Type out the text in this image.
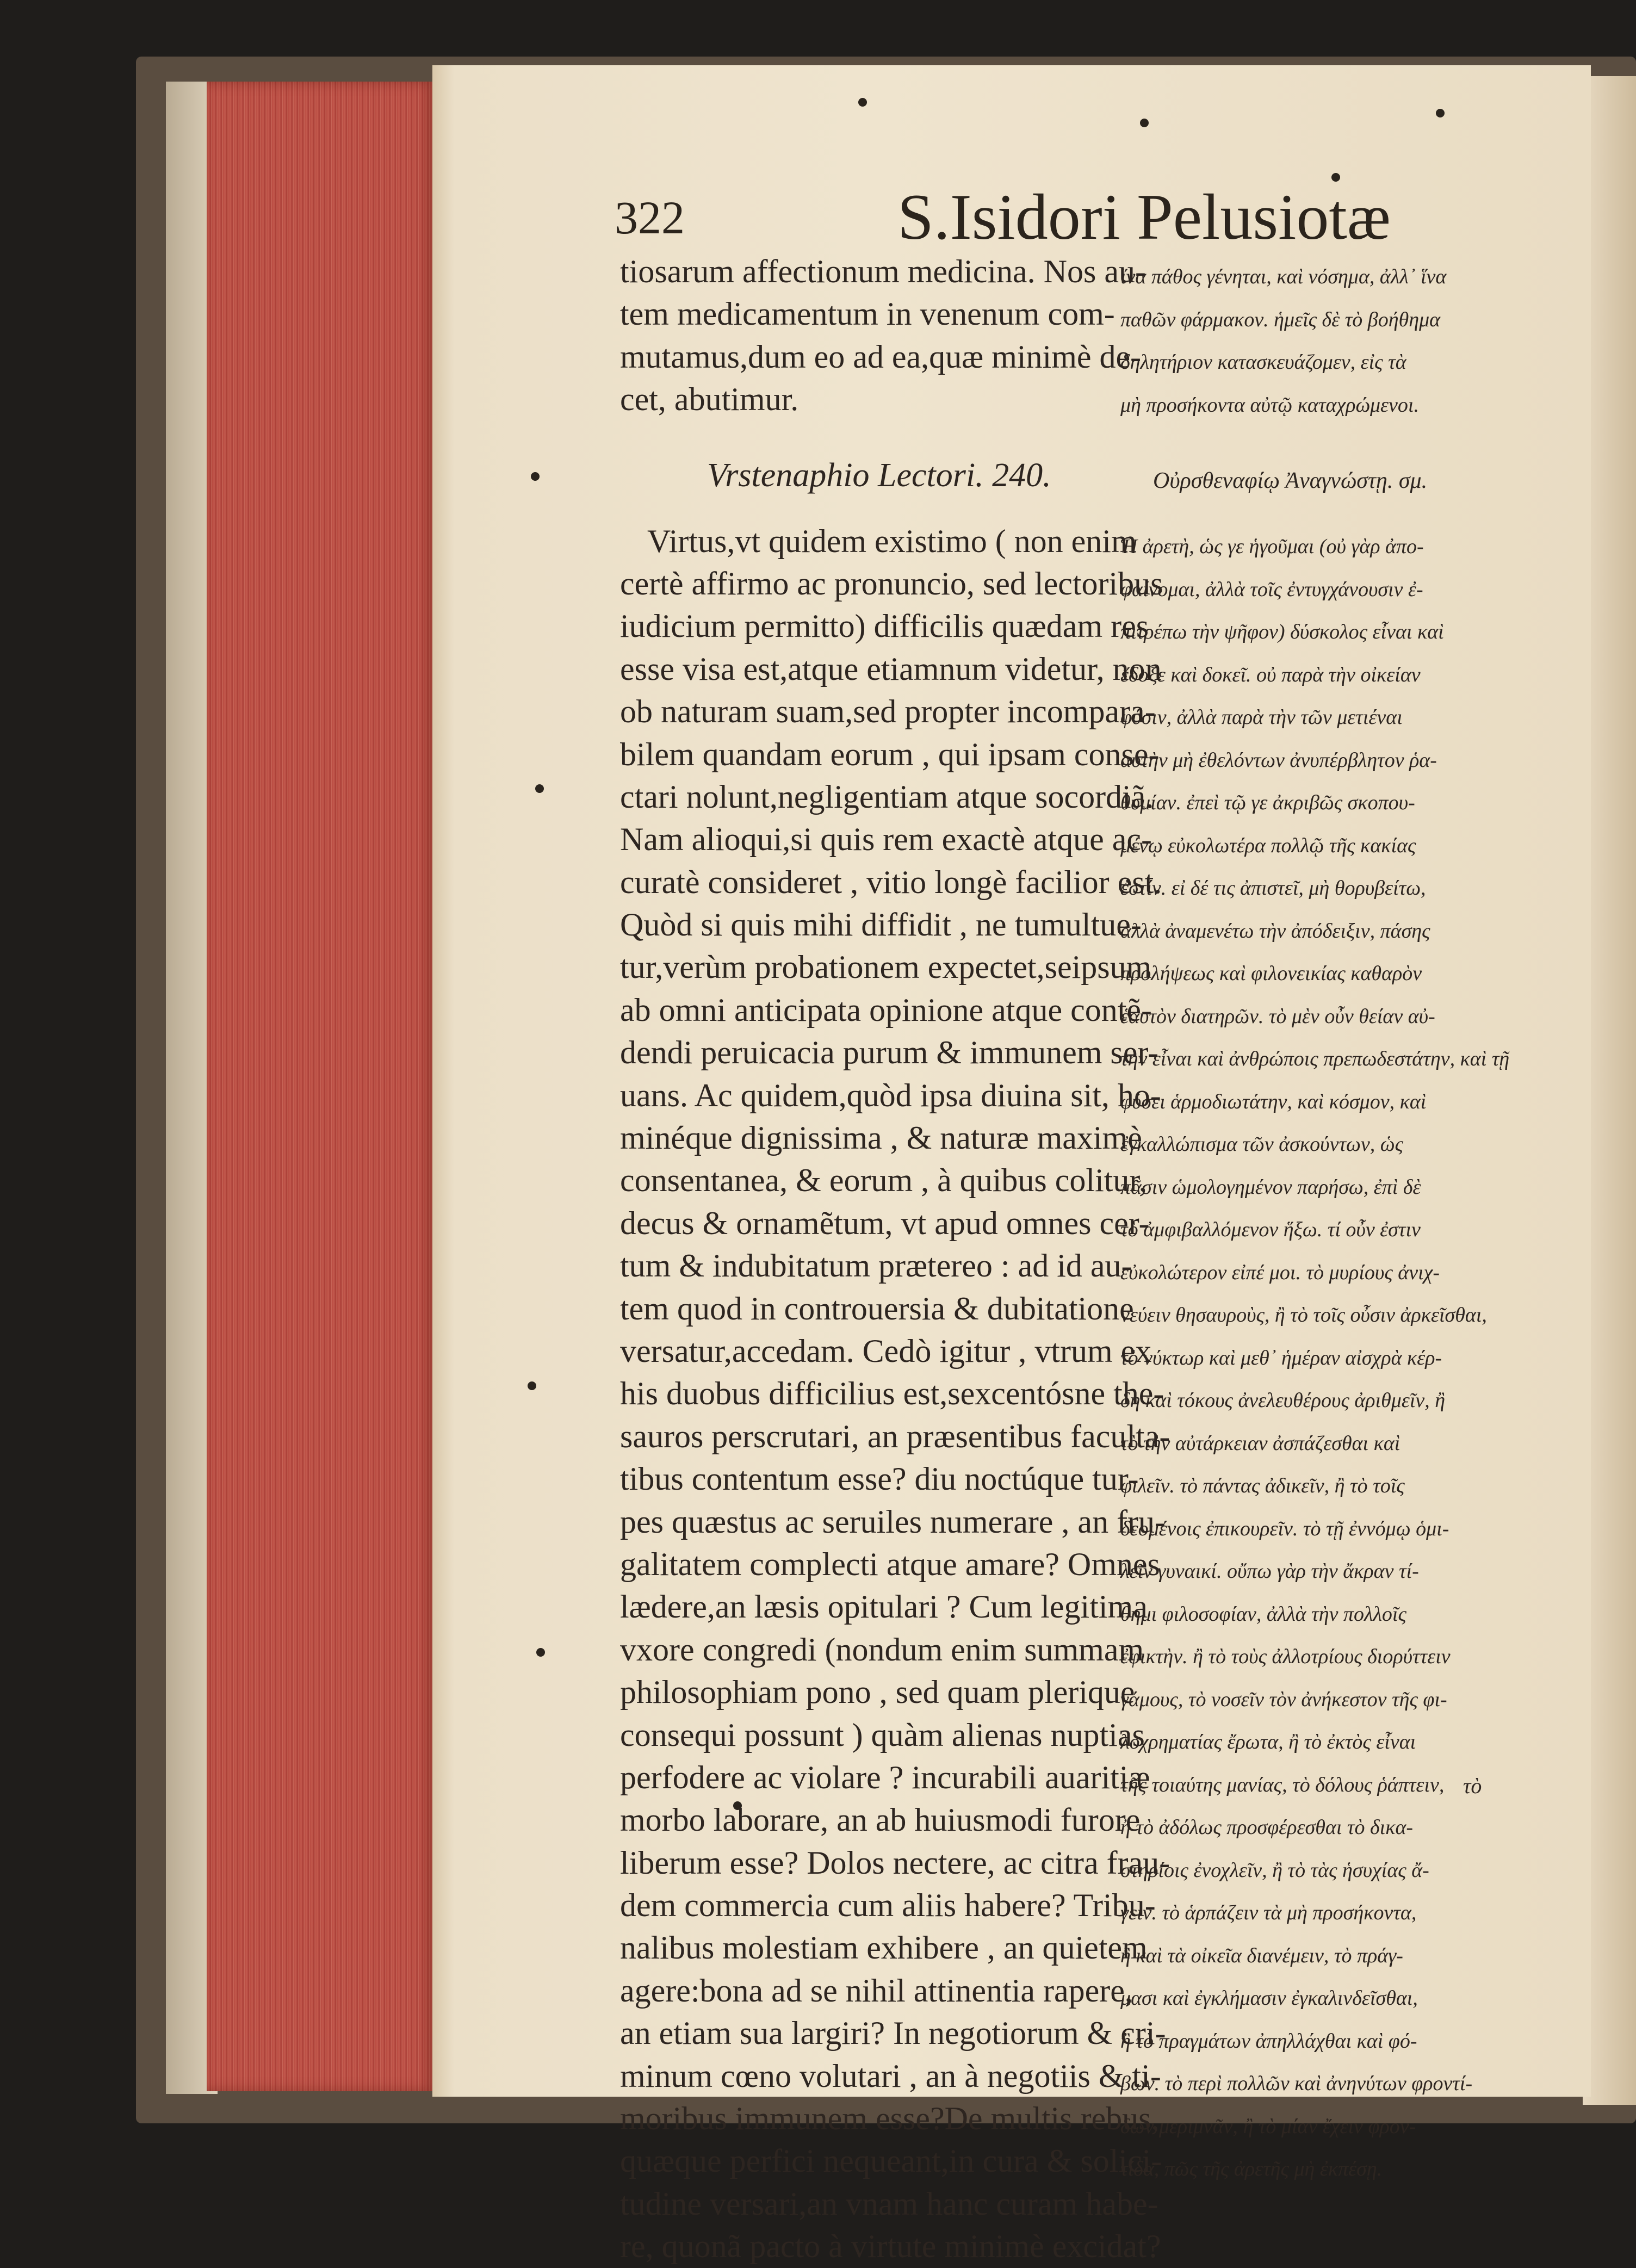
322	S.Isidori Pelusiotæ
tiosarum affectionum medicina. Nos au-
tem medicamentum in venenum com-
mutamus,dum eo ad ea,quæ minimè de-
cet, abutimur.
Vrstenaphio Lectori. 240.
Virtus,vt quidem existimo ( non enim
certè affirmo ac pronuncio, sed lectoribus
iudicium permitto) difficilis quædam res
esse visa est,atque etiamnum videtur, non
ob naturam suam,sed propter incompara-
bilem quandam eorum , qui ipsam conse-
ctari nolunt,negligentiam atque socordiã.
Nam alioqui,si quis rem exactè atque ac-
curatè consideret , vitio longè facilior est.
Quòd si quis mihi diffidit , ne tumultue-
tur,verùm probationem expectet,seipsum
ab omni anticipata opinione atque contẽ-
dendi peruicacia purum & immunem ser-
uans. Ac quidem,quòd ipsa diuina sit, ho-
minéque dignissima , & naturæ maximè
consentanea, & eorum , à quibus colitur,
decus & ornamẽtum, vt apud omnes cer-
tum & indubitatum prætereo : ad id au-
tem quod in controuersia & dubitatione
versatur,accedam. Cedò igitur , vtrum ex
his duobus difficilius est,sexcentósne the-
sauros perscrutari, an præsentibus faculta-
tibus contentum esse? diu noctúque tur-
pes quæstus ac seruiles numerare , an fru-
galitatem complecti atque amare? Omnes
lædere,an læsis opitulari ? Cum legitima
vxore congredi (nondum enim summam
philosophiam pono , sed quam plerique
consequi possunt ) quàm alienas nuptias
perfodere ac violare ? incurabili auaritiæ
morbo laborare, an ab huiusmodi furore
liberum esse? Dolos nectere, ac citra frau-
dem commercia cum aliis habere? Tribu-
nalibus molestiam exhibere , an quietem
agere:bona ad se nihil attinentia rapere,
an etiam sua largiri? In negotiorum & cri-
minum cœno volutari , an à negotiis & ti-
moribus immunem esse?De multis rebus,
quæque perfici nequeant,in cura & solici-
tudine versari,an vnam hanc curam habe-
re, quonã pacto à virtute minimè excidat?
ἵνα πάθος γένηται, καὶ νόσημα, ἀλλ᾽ ἵνα
παθῶν φάρμακον. ἡμεῖς δὲ τὸ βοήθημα
δηλητήριον κατασκευάζομεν, εἰς τὰ
μὴ προσήκοντα αὐτῷ καταχρώμενοι.
Οὐρσθεναφίῳ Ἀναγνώστῃ. σμ.
Ἡ ἀρετὴ, ὡς γε ἡγοῦμαι (οὐ γὰρ ἀπο-
φαίνομαι, ἀλλὰ τοῖς ἐντυγχάνουσιν ἐ-
πιτρέπω τὴν ψῆφον) δύσκολος εἶναι καὶ
ἔδοξε καὶ δοκεῖ. οὐ παρὰ τὴν οἰκείαν
φύσιν, ἀλλὰ παρὰ τὴν τῶν μετιέναι
αὐτὴν μὴ ἐθελόντων ἀνυπέρβλητον ῥα-
θυμίαν. ἐπεὶ τῷ γε ἀκριβῶς σκοπου-
μένῳ εὐκολωτέρα πολλῷ τῆς κακίας
ἐστίν. εἰ δέ τις ἀπιστεῖ, μὴ θορυβείτω,
ἀλλὰ ἀναμενέτω τὴν ἀπόδειξιν, πάσης
προλήψεως καὶ φιλονεικίας καθαρὸν
ἑαυτὸν διατηρῶν. τὸ μὲν οὖν θείαν αὐ-
τὴν εἶναι καὶ ἀνθρώποις πρεπωδεστάτην, καὶ τῇ
φύσει ἁρμοδιωτάτην, καὶ κόσμον, καὶ
ἐγκαλλώπισμα τῶν ἀσκούντων, ὡς
πᾶσιν ὡμολογημένον παρήσω, ἐπὶ δὲ
τὸ ἀμφιβαλλόμενον ἥξω. τί οὖν ἐστιν
εὐκολώτερον εἰπέ μοι. τὸ μυρίους ἀνιχ-
νεύειν θησαυροὺς, ἢ τὸ τοῖς οὖσιν ἀρκεῖσθαι,
τὸ νύκτωρ καὶ μεθ᾽ ἡμέραν αἰσχρὰ κέρ-
δη καὶ τόκους ἀνελευθέρους ἀριθμεῖν, ἢ
τὸ τὴν αὐτάρκειαν ἀσπάζεσθαι καὶ
φιλεῖν. τὸ πάντας ἀδικεῖν, ἢ τὸ τοῖς
δεομένοις ἐπικουρεῖν. τὸ τῇ ἐννόμῳ ὁμι-
λεῖν γυναικί. οὔπω γὰρ τὴν ἄκραν τί-
θημι φιλοσοφίαν, ἀλλὰ τὴν πολλοῖς
ἐφικτὴν. ἢ τὸ τοὺς ἀλλοτρίους διορύττειν
γάμους, τὸ νοσεῖν τὸν ἀνήκεστον τῆς φι-
λοχρηματίας ἔρωτα, ἢ τὸ ἐκτὸς εἶναι
τῆς τοιαύτης μανίας, τὸ δόλους ῥάπτειν,
ἢ τὸ ἀδόλως προσφέρεσθαι τὸ δικα-
στηρίοις ἐνοχλεῖν, ἢ τὸ τὰς ἡσυχίας ἄ-
γειν. τὸ ἁρπάζειν τὰ μὴ προσήκοντα,
ἢ καὶ τὰ οἰκεῖα διανέμειν, τὸ πράγ-
μασι καὶ ἐγκλήμασιν ἐγκαλινδεῖσθαι,
ἢ τὸ πραγμάτων ἀπηλλάχθαι καὶ φό-
βων. τὸ περὶ πολλῶν καὶ ἀνηνύτων φροντί-
δων μεριμνᾶν, ἢ τὸ μίαν ἔχειν φρον-
τίδα, πῶς τῆς ἀρετῆς μὴ ἐκπέσῃ.
τὸ
